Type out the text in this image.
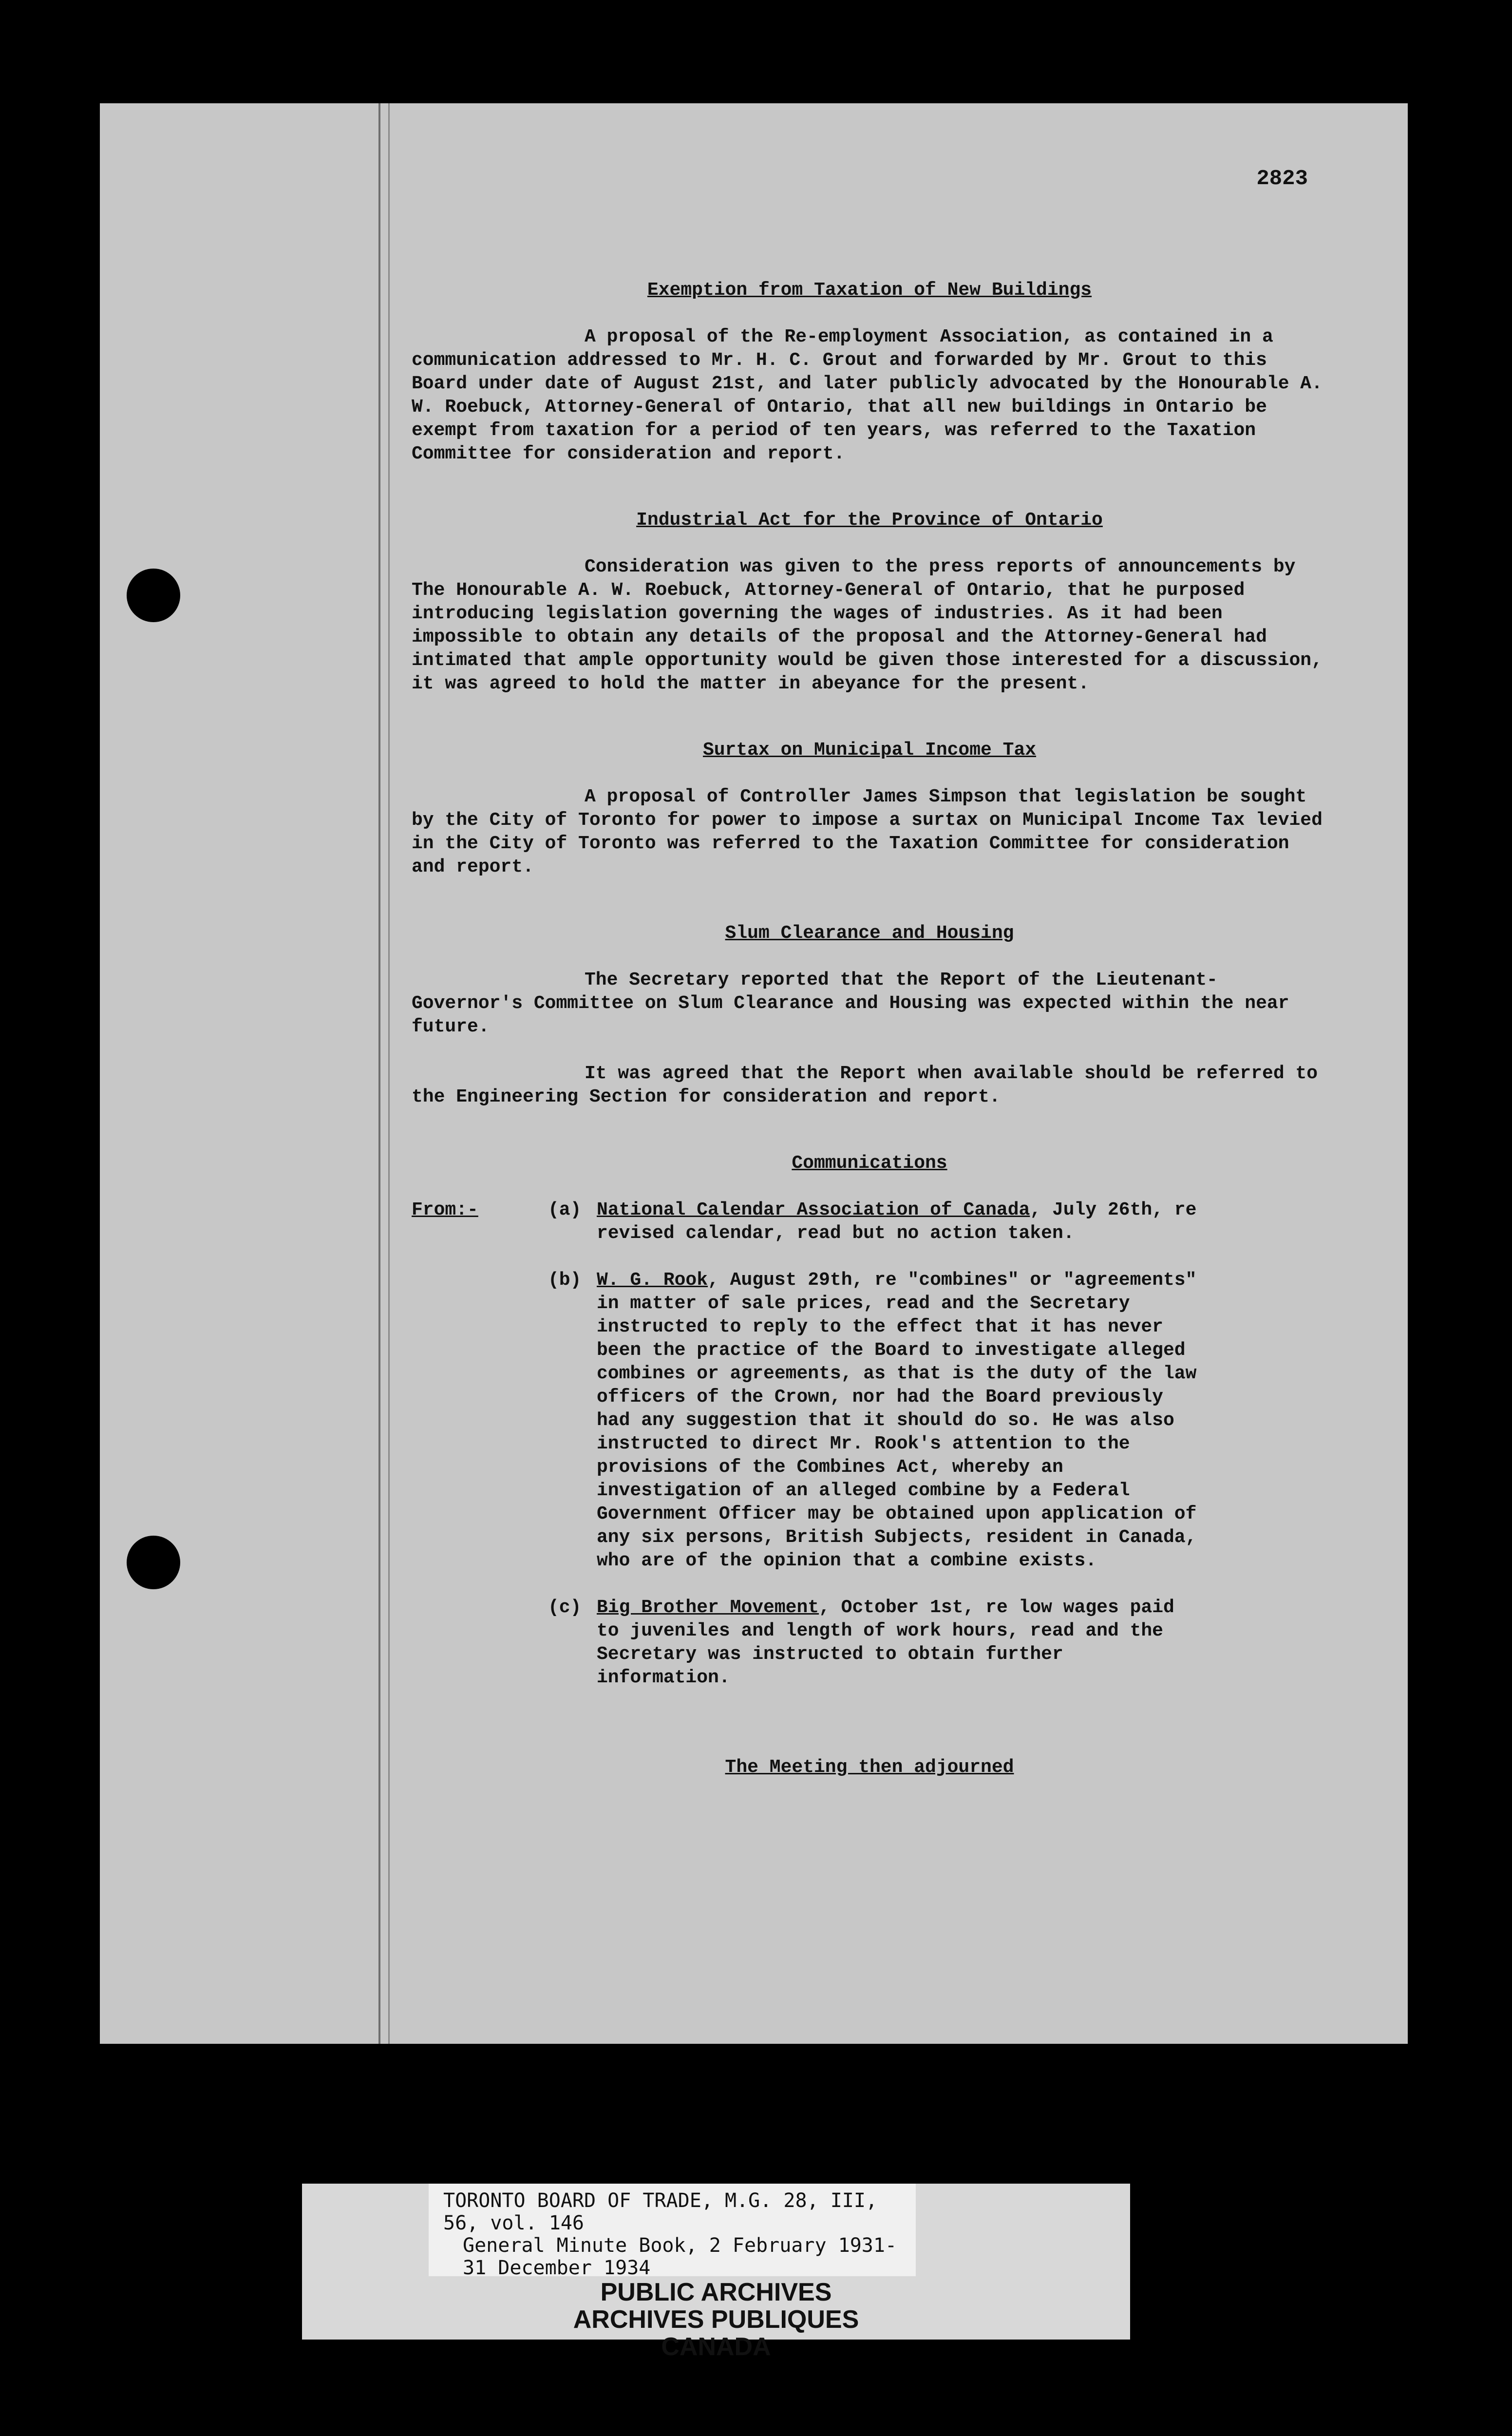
2823
Exemption from Taxation of New Buildings

A proposal of the Re-employment Association, as contained in a communication addressed to Mr. H. C. Grout and forwarded by Mr. Grout to this Board under date of August 21st, and later publicly advocated by the Honourable A. W. Roebuck, Attorney-General of Ontario, that all new buildings in Ontario be exempt from taxation for a period of ten years, was referred to the Taxation Committee for consideration and report.

Industrial Act for the Province of Ontario

Consideration was given to the press reports of announcements by The Honourable A. W. Roebuck, Attorney-General of Ontario, that he purposed introducing legislation governing the wages of industries. As it had been impossible to obtain any details of the proposal and the Attorney-General had intimated that ample opportunity would be given those interested for a discussion, it was agreed to hold the matter in abeyance for the present.

Surtax on Municipal Income Tax

A proposal of Controller James Simpson that legislation be sought by the City of Toronto for power to impose a surtax on Municipal Income Tax levied in the City of Toronto was referred to the Taxation Committee for consideration and report.

Slum Clearance and Housing

The Secretary reported that the Report of the Lieutenant-Governor's Committee on Slum Clearance and Housing was expected within the near future.

It was agreed that the Report when available should be referred to the Engineering Section for consideration and report.

Communications
From:-	(a) National Calendar Association of Canada, July 26th, re revised calendar, read but no action taken.
(b) W. G. Rook, August 29th, re "combines" or "agreements" in matter of sale prices, read and the Secretary instructed to reply to the effect that it has never been the practice of the Board to investigate alleged combines or agreements, as that is the duty of the law officers of the Crown, nor had the Board previously had any suggestion that it should do so. He was also instructed to direct Mr. Rook's attention to the provisions of the Combines Act, whereby an investigation of an alleged combine by a Federal Government Officer may be obtained upon application of any six persons, British Subjects, resident in Canada, who are of the opinion that a combine exists.
(c) Big Brother Movement, October 1st, re low wages paid to juveniles and length of work hours, read and the Secretary was instructed to obtain further information.
The Meeting then adjourned
TORONTO BOARD OF TRADE, M.G. 28, III, 56, vol. 146
General Minute Book, 2 February 1931-31 December 1934
PUBLIC ARCHIVES
ARCHIVES PUBLIQUES
CANADA
